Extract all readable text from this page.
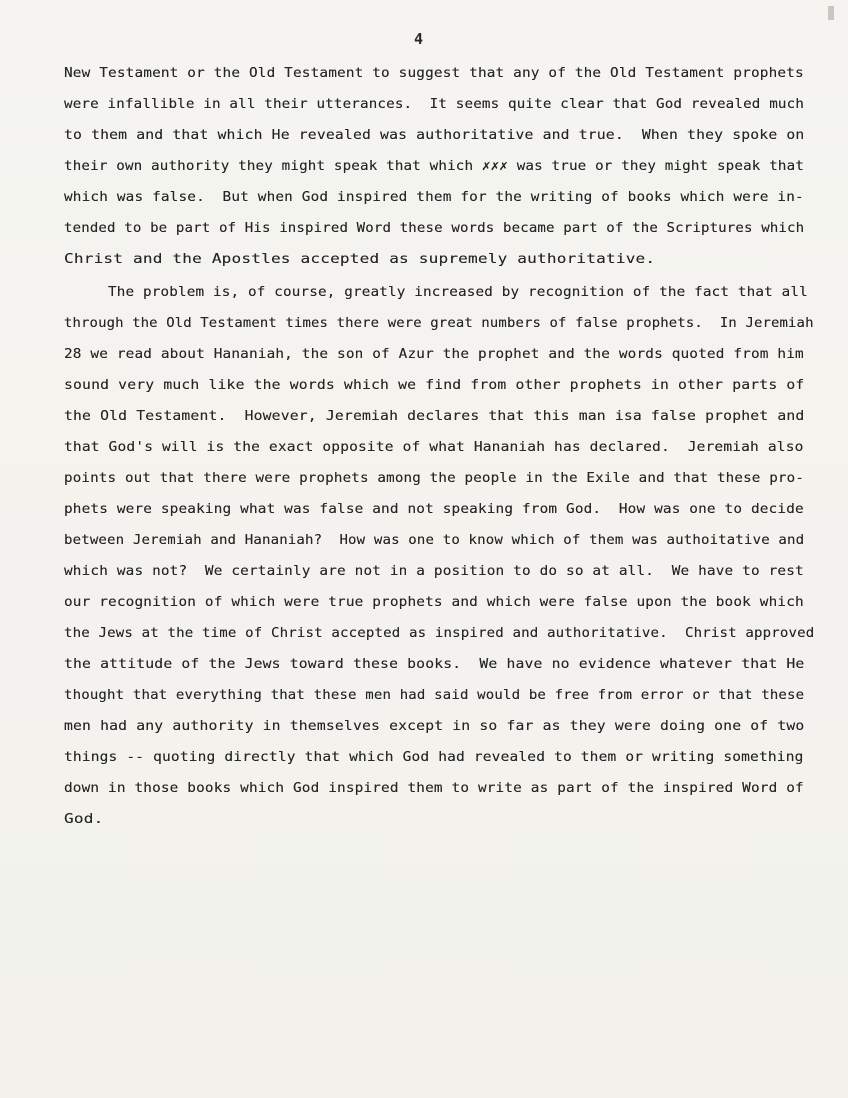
4
New Testament or the Old Testament to suggest that any of the Old Testament prophets
were infallible in all their utterances.  It seems quite clear that God revealed much
to them and that which He revealed was authoritative and true.  When they spoke on
their own authority they might speak that which ✗✗✗ was true or they might speak that
which was false.  But when God inspired them for the writing of books which were in-
tended to be part of His inspired Word these words became part of the Scriptures which
Christ and the Apostles accepted as supremely authoritative.
The problem is, of course, greatly increased by recognition of the fact that all
through the Old Testament times there were great numbers of false prophets.  In Jeremiah
28 we read about Hananiah, the son of Azur the prophet and the words quoted from him
sound very much like the words which we find from other prophets in other parts of
the Old Testament.  However, Jeremiah declares that this man isa false prophet and
that God's will is the exact opposite of what Hananiah has declared.  Jeremiah also
points out that there were prophets among the people in the Exile and that these pro-
phets were speaking what was false and not speaking from God.  How was one to decide
between Jeremiah and Hananiah?  How was one to know which of them was authoitative and
which was not?  We certainly are not in a position to do so at all.  We have to rest
our recognition of which were true prophets and which were false upon the book which
the Jews at the time of Christ accepted as inspired and authoritative.  Christ approved
the attitude of the Jews toward these books.  We have no evidence whatever that He
thought that everything that these men had said would be free from error or that these
men had any authority in themselves except in so far as they were doing one of two
things -- quoting directly that which God had revealed to them or writing something
down in those books which God inspired them to write as part of the inspired Word of
God.
